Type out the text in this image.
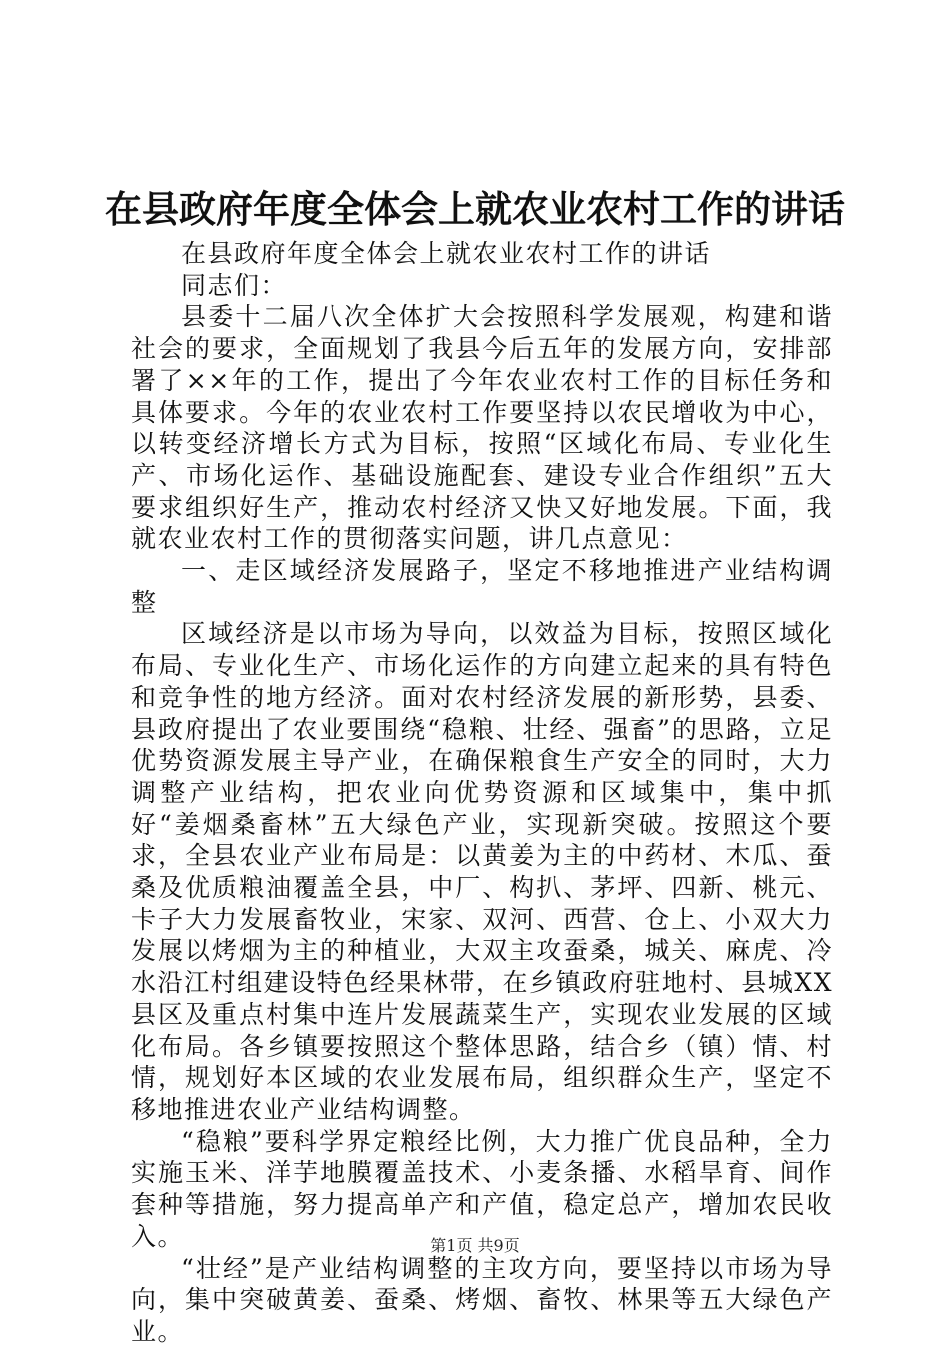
在县政府年度全体会上就农业农村工作的讲话

在县政府年度全体会上就农业农村工作的讲话

同志们：

县委十二届八次全体扩大会按照科学发展观，构建和谐社会的要求，全面规划了我县今后五年的发展方向，安排部署了××年的工作，提出了今年农业农村工作的目标任务和具体要求。今年的农业农村工作要坚持以农民增收为中心，以转变经济增长方式为目标，按照“区域化布局、专业化生产、市场化运作、基础设施配套、建设专业合作组织”五大要求组织好生产，推动农村经济又快又好地发展。下面，我就农业农村工作的贯彻落实问题，讲几点意见：

一、走区域经济发展路子，坚定不移地推进产业结构调整

区域经济是以市场为导向，以效益为目标，按照区域化布局、专业化生产、市场化运作的方向建立起来的具有特色和竞争性的地方经济。面对农村经济发展的新形势，县委、县政府提出了农业要围绕“稳粮、壮经、强畜”的思路，立足优势资源发展主导产业，在确保粮食生产安全的同时，大力调整产业结构，把农业向优势资源和区域集中，集中抓好“姜烟桑畜林”五大绿色产业，实现新突破。按照这个要求，全县农业产业布局是：以黄姜为主的中药材、木瓜、蚕桑及优质粮油覆盖全县，中厂、构扒、茅坪、四新、桃元、卡子大力发展畜牧业，宋家、双河、西营、仓上、小双大力发展以烤烟为主的种植业，大双主攻蚕桑，城关、麻虎、冷水沿江村组建设特色经果林带，在乡镇政府驻地村、县城XX县区及重点村集中连片发展蔬菜生产，实现农业发展的区域化布局。各乡镇要按照这个整体思路，结合乡（镇）情、村情，规划好本区域的农业发展布局，组织群众生产，坚定不移地推进农业产业结构调整。

“稳粮”要科学界定粮经比例，大力推广优良品种，全力实施玉米、洋芋地膜覆盖技术、小麦条播、水稻旱育、间作套种等措施，努力提高单产和产值，稳定总产，增加农民收入。

“壮经”是产业结构调整的主攻方向，要坚持以市场为导向，集中突破黄姜、蚕桑、烤烟、畜牧、林果等五大绿色产业。

第1页 共9页
